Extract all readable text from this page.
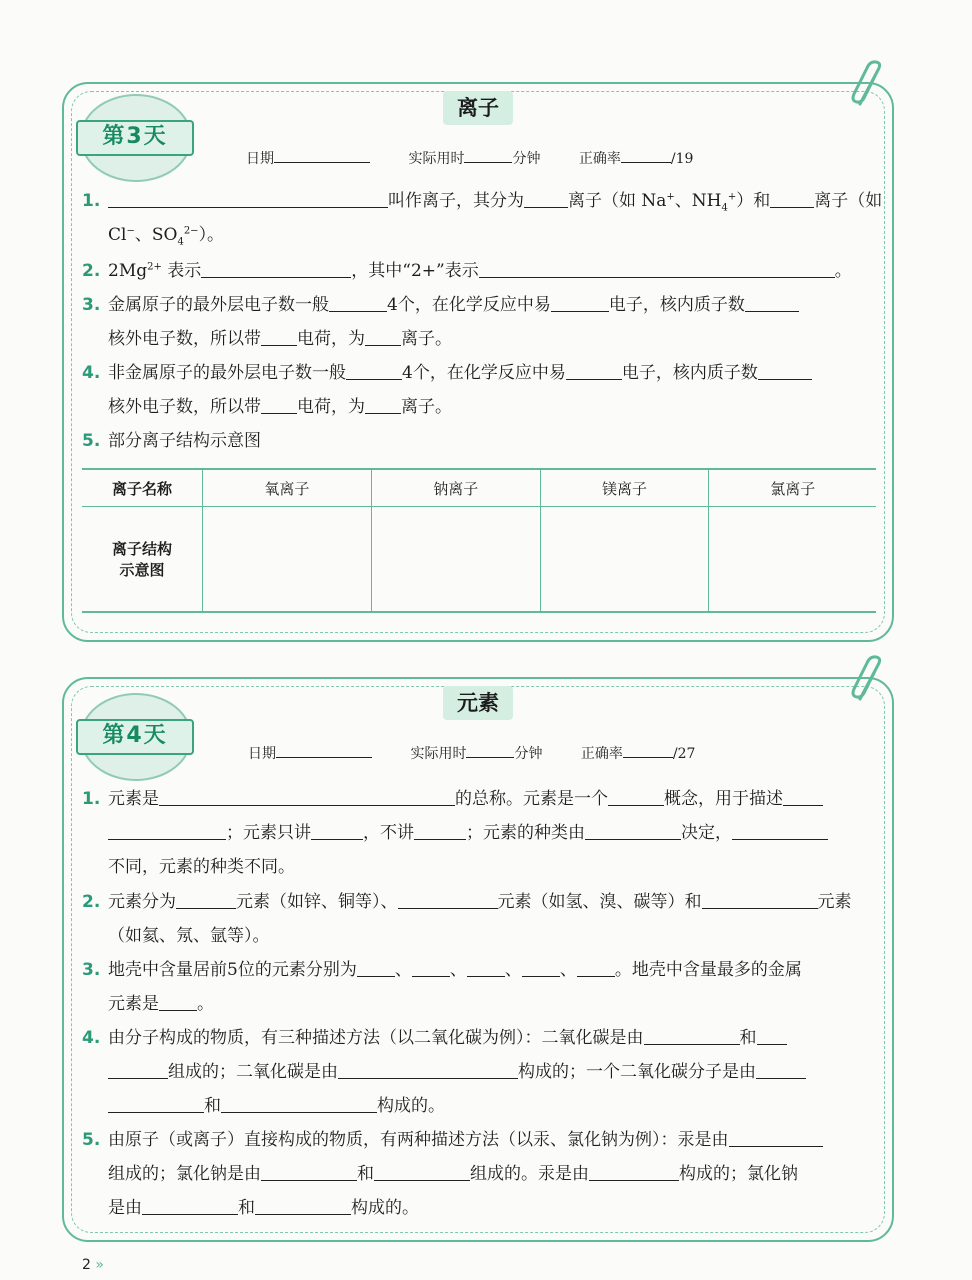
第3天
离子
日期	实际用时	分钟	正确率	/19
1.	叫作离子，其分为	离子（如 Na+、$NH_4^+$）和	离子（如
Cl−、$SO_4^{2-}$）。
2. $2Mg^{2+}$ 表示	，其中“2+”表示	。
3. 金属原子的最外层电子数一般	4个，在化学反应中易	电子，核内质子数
核外电子数，所以带 电荷，为 离子。
4. 非金属原子的最外层电子数一般	4个，在化学反应中易	电子，核内质子数
核外电子数，所以带 电荷，为 离子。
5. 部分离子结构示意图
离子名称	氧离子	钠离子	镁离子	氯离子
离子结构
示意图				
第4天
元素
日期	实际用时	分钟	正确率	/27
1. 元素是	的总称。元素是一个	概念，用于描述
；元素只讲	，不讲	；元素的种类由	决定，
不同，元素的种类不同。
2. 元素分为	元素（如锌、铜等）、	元素（如氢、溴、碳等）和	元素
（如氦、氖、氩等）。
3. 地壳中含量居前5位的元素分别为 、 、 、 、 。地壳中含量最多的金属
元素是 。
4. 由分子构成的物质，有三种描述方法（以二氧化碳为例）：二氧化碳是由	和
组成的；二氧化碳是由	构成的；一个二氧化碳分子是由
和	构成的。
5. 由原子（或离子）直接构成的物质，有两种描述方法（以汞、氯化钠为例）：汞是由
组成的；氯化钠是由	和	组成的。汞是由	构成的；氯化钠
是由	和	构成的。
2 »
